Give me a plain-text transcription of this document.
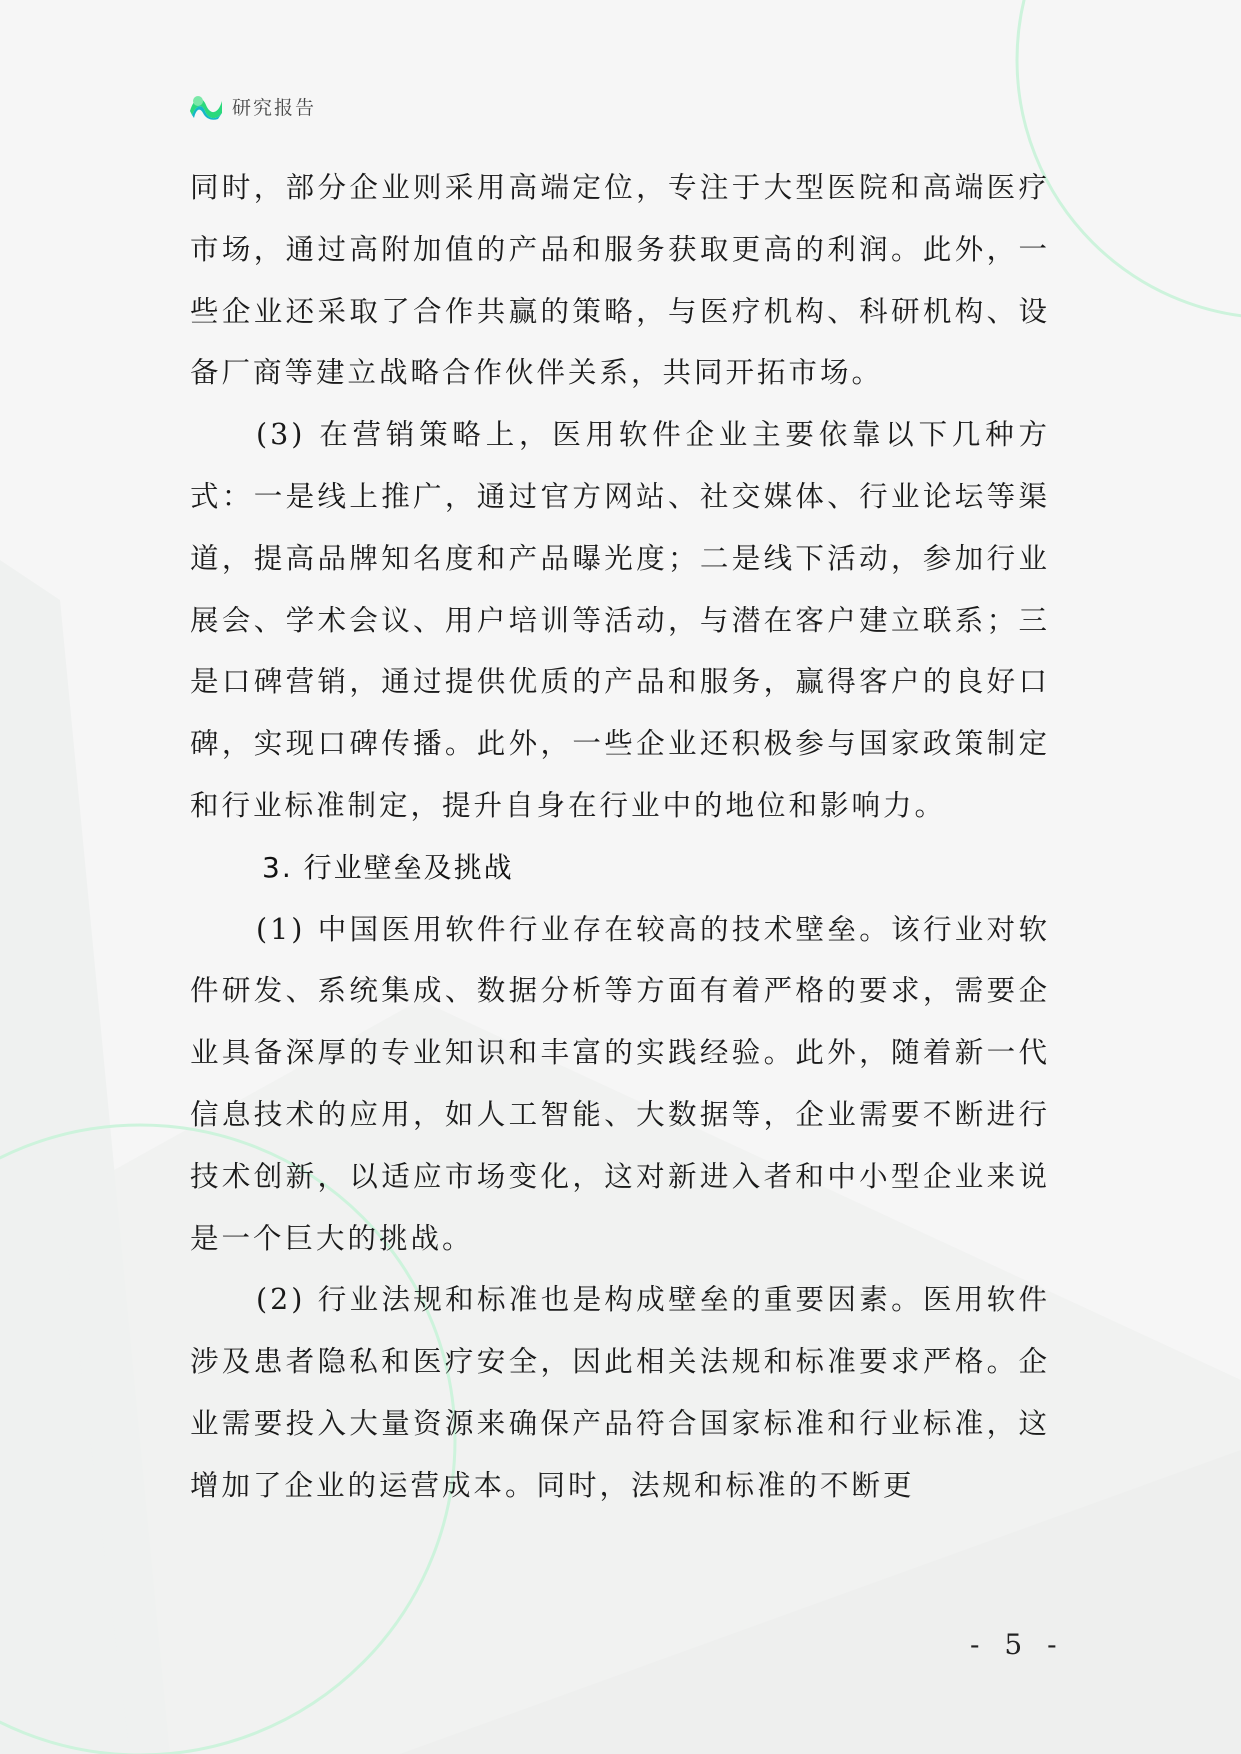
研究报告

同时，部分企业则采用高端定位，专注于大型医院和高端医疗市场，通过高附加值的产品和服务获取更高的利润。此外，一些企业还采取了合作共赢的策略，与医疗机构、科研机构、设备厂商等建立战略合作伙伴关系，共同开拓市场。

(3) 在营销策略上，医用软件企业主要依靠以下几种方式：一是线上推广，通过官方网站、社交媒体、行业论坛等渠道，提高品牌知名度和产品曝光度；二是线下活动，参加行业展会、学术会议、用户培训等活动，与潜在客户建立联系；三是口碑营销，通过提供优质的产品和服务，赢得客户的良好口碑，实现口碑传播。此外，一些企业还积极参与国家政策制定和行业标准制定，提升自身在行业中的地位和影响力。

3. 行业壁垒及挑战

(1) 中国医用软件行业存在较高的技术壁垒。该行业对软件研发、系统集成、数据分析等方面有着严格的要求，需要企业具备深厚的专业知识和丰富的实践经验。此外，随着新一代信息技术的应用，如人工智能、大数据等，企业需要不断进行技术创新，以适应市场变化，这对新进入者和中小型企业来说是一个巨大的挑战。

(2) 行业法规和标准也是构成壁垒的重要因素。医用软件涉及患者隐私和医疗安全，因此相关法规和标准要求严格。企业需要投入大量资源来确保产品符合国家标准和行业标准，这增加了企业的运营成本。同时，法规和标准的不断更

- 5 -
